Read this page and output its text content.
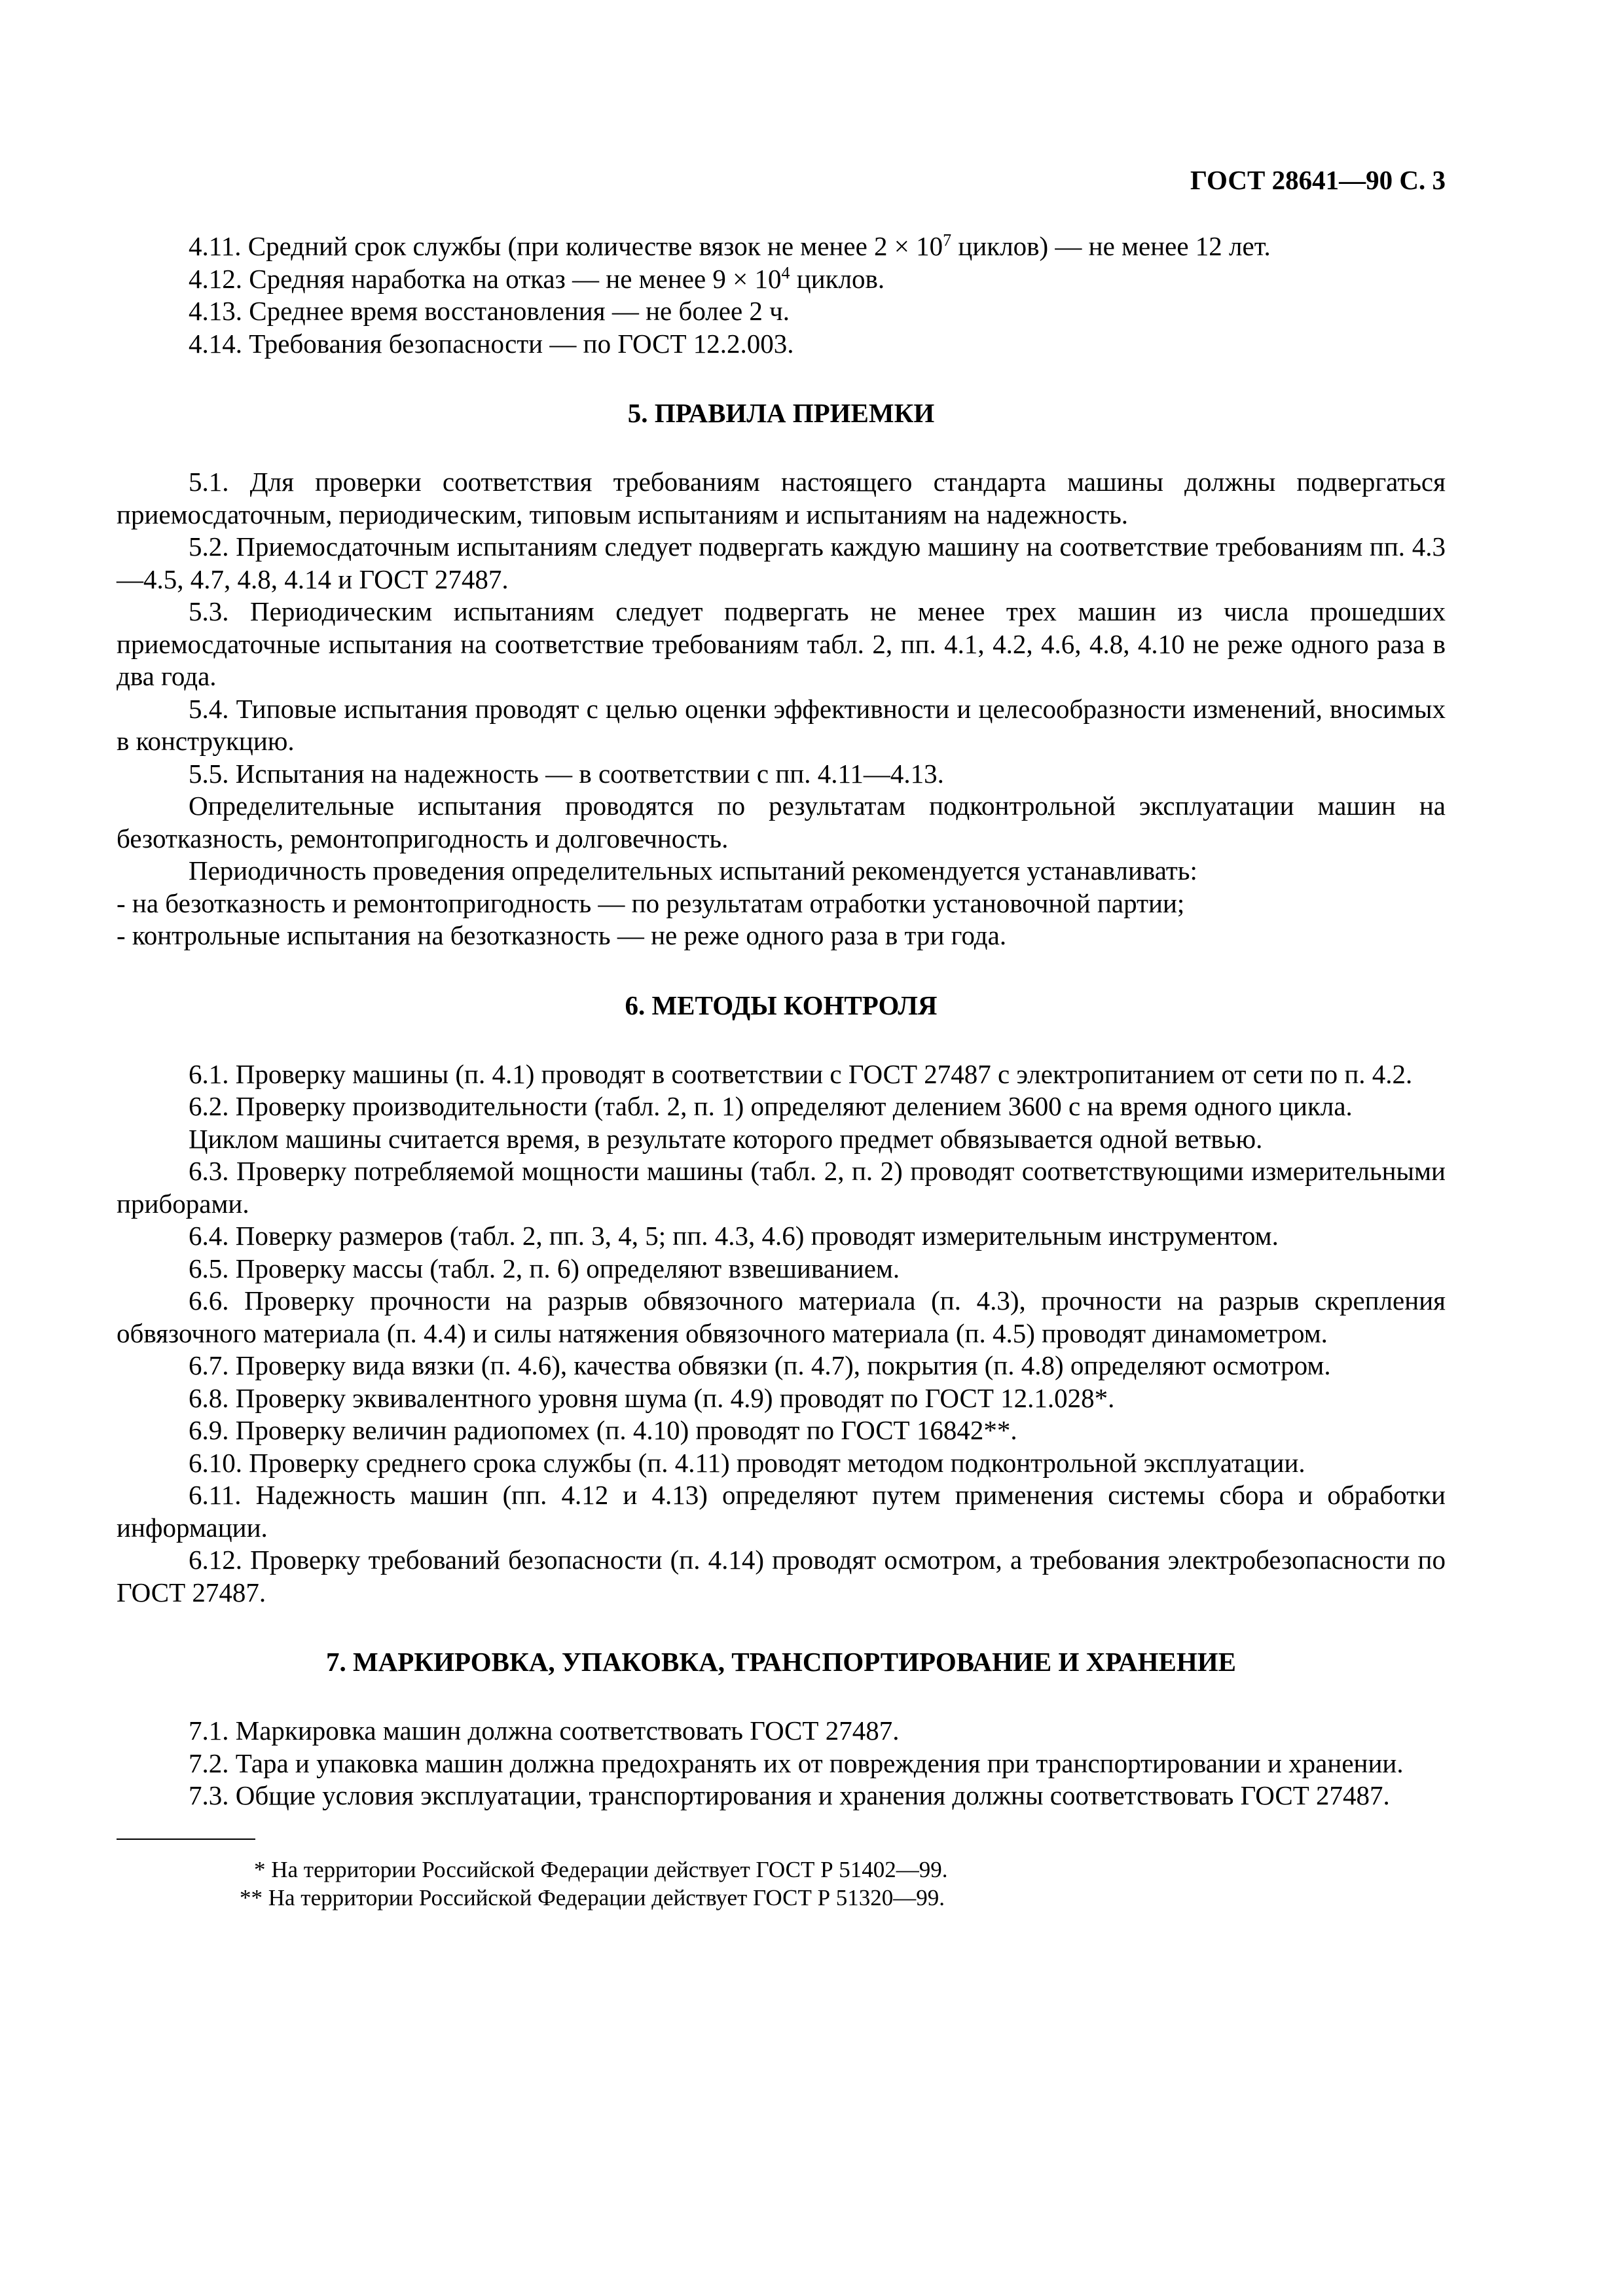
ГОСТ 28641—90 С. 3

4.11. Средний срок службы (при количестве вязок не менее $2 \times 10^7$ циклов) — не менее 12 лет.

4.12. Средняя наработка на отказ — не менее $9 \times 10^4$ циклов.

4.13. Среднее время восстановления — не более 2 ч.

4.14. Требования безопасности — по ГОСТ 12.2.003.

5. ПРАВИЛА ПРИЕМКИ

5.1. Для проверки соответствия требованиям настоящего стандарта машины должны подвергаться приемосдаточным, периодическим, типовым испытаниям и испытаниям на надежность.

5.2. Приемосдаточным испытаниям следует подвергать каждую машину на соответствие требованиям пп. 4.3—4.5, 4.7, 4.8, 4.14 и ГОСТ 27487.

5.3. Периодическим испытаниям следует подвергать не менее трех машин из числа прошедших приемосдаточные испытания на соответствие требованиям табл. 2, пп. 4.1, 4.2, 4.6, 4.8, 4.10 не реже одного раза в два года.

5.4. Типовые испытания проводят с целью оценки эффективности и целесообразности изменений, вносимых в конструкцию.

5.5. Испытания на надежность — в соответствии с пп. 4.11—4.13.

Определительные испытания проводятся по результатам подконтрольной эксплуатации машин на безотказность, ремонтопригодность и долговечность.

Периодичность проведения определительных испытаний рекомендуется устанавливать:

- на безотказность и ремонтопригодность — по результатам отработки установочной партии;

- контрольные испытания на безотказность — не реже одного раза в три года.

6. МЕТОДЫ КОНТРОЛЯ

6.1. Проверку машины (п. 4.1) проводят в соответствии с ГОСТ 27487 с электропитанием от сети по п. 4.2.

6.2. Проверку производительности (табл. 2, п. 1) определяют делением 3600 с на время одного цикла.

Циклом машины считается время, в результате которого предмет обвязывается одной ветвью.

6.3. Проверку потребляемой мощности машины (табл. 2, п. 2) проводят соответствующими измерительными приборами.

6.4. Поверку размеров (табл. 2, пп. 3, 4, 5; пп. 4.3, 4.6) проводят измерительным инструментом.

6.5. Проверку массы (табл. 2, п. 6) определяют взвешиванием.

6.6. Проверку прочности на разрыв обвязочного материала (п. 4.3), прочности на разрыв скрепления обвязочного материала (п. 4.4) и силы натяжения обвязочного материала (п. 4.5) проводят динамометром.

6.7. Проверку вида вязки (п. 4.6), качества обвязки (п. 4.7), покрытия (п. 4.8) определяют осмотром.

6.8. Проверку эквивалентного уровня шума (п. 4.9) проводят по ГОСТ 12.1.028*.

6.9. Проверку величин радиопомех (п. 4.10) проводят по ГОСТ 16842**.

6.10. Проверку среднего срока службы (п. 4.11) проводят методом подконтрольной эксплуатации.

6.11. Надежность машин (пп. 4.12 и 4.13) определяют путем применения системы сбора и обработки информации.

6.12. Проверку требований безопасности (п. 4.14) проводят осмотром, а требования электробезопасности по ГОСТ 27487.

7. МАРКИРОВКА, УПАКОВКА, ТРАНСПОРТИРОВАНИЕ И ХРАНЕНИЕ

7.1. Маркировка машин должна соответствовать ГОСТ 27487.

7.2. Тара и упаковка машин должна предохранять их от повреждения при транспортировании и хранении.

7.3. Общие условия эксплуатации, транспортирования и хранения должны соответствовать ГОСТ 27487.

* На территории Российской Федерации действует ГОСТ Р 51402—99.

** На территории Российской Федерации действует ГОСТ Р 51320—99.
